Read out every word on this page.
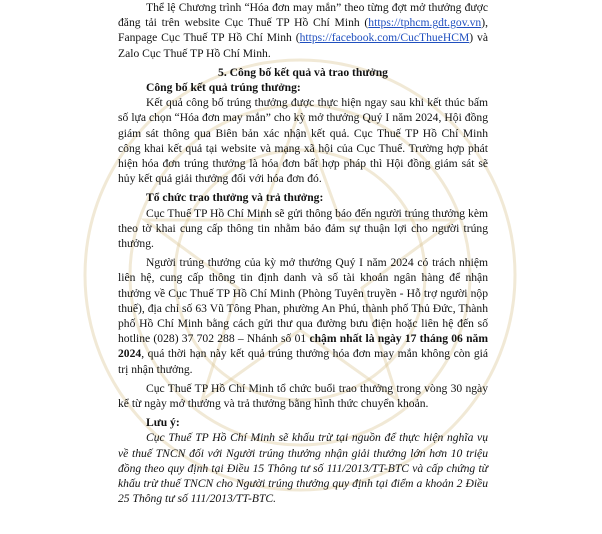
Thể lệ Chương trình “Hóa đơn may mắn” theo từng đợt mở thưởng được đăng tải trên website Cục Thuế TP Hồ Chí Minh (https://tphcm.gdt.gov.vn), Fanpage Cục Thuế TP Hồ Chí Minh (https://facebook.com/CucThueHCM) và Zalo Cục Thuế TP Hồ Chí Minh.

5. Công bố kết quả và trao thưởng

Công bố kết quả trúng thưởng:

Kết quả công bố trúng thưởng được thực hiện ngay sau khi kết thúc bấm số lựa chọn “Hóa đơn may mắn” cho kỳ mở thưởng Quý I năm 2024, Hội đồng giám sát thông qua Biên bản xác nhận kết quả. Cục Thuế TP Hồ Chí Minh công khai kết quả tại website và mạng xã hội của Cục Thuế. Trường hợp phát hiện hóa đơn trúng thưởng là hóa đơn bất hợp pháp thì Hội đồng giám sát sẽ hủy kết quả giải thưởng đối với hóa đơn đó.

Tổ chức trao thưởng và trả thưởng:

Cục Thuế TP Hồ Chí Minh sẽ gửi thông báo đến người trúng thưởng kèm theo tờ khai cung cấp thông tin nhằm bảo đảm sự thuận lợi cho người trúng thưởng.

Người trúng thưởng của kỳ mở thưởng Quý I năm 2024 có trách nhiệm liên hệ, cung cấp thông tin định danh và số tài khoản ngân hàng để nhận thưởng về Cục Thuế TP Hồ Chí Minh (Phòng Tuyên truyền - Hỗ trợ người nộp thuế), địa chỉ số 63 Vũ Tông Phan, phường An Phú, thành phố Thủ Đức, Thành phố Hồ Chí Minh bằng cách gửi thư qua đường bưu điện hoặc liên hệ đến số hotline (028) 37 702 288 – Nhánh số 01 chậm nhất là ngày 17 tháng 06 năm 2024, quá thời hạn này kết quả trúng thưởng hóa đơn may mắn không còn giá trị nhận thưởng.

Cục Thuế TP Hồ Chí Minh tổ chức buổi trao thưởng trong vòng 30 ngày kể từ ngày mở thưởng và trả thưởng bằng hình thức chuyển khoản.

Lưu ý:

Cục Thuế TP Hồ Chí Minh sẽ khấu trừ tại nguồn để thực hiện nghĩa vụ về thuế TNCN đối với Người trúng thưởng nhận giải thưởng lớn hơn 10 triệu đồng theo quy định tại Điều 15 Thông tư số 111/2013/TT-BTC và cấp chứng từ khấu trừ thuế TNCN cho Người trúng thưởng quy định tại điểm a khoản 2 Điều 25 Thông tư số 111/2013/TT-BTC.
